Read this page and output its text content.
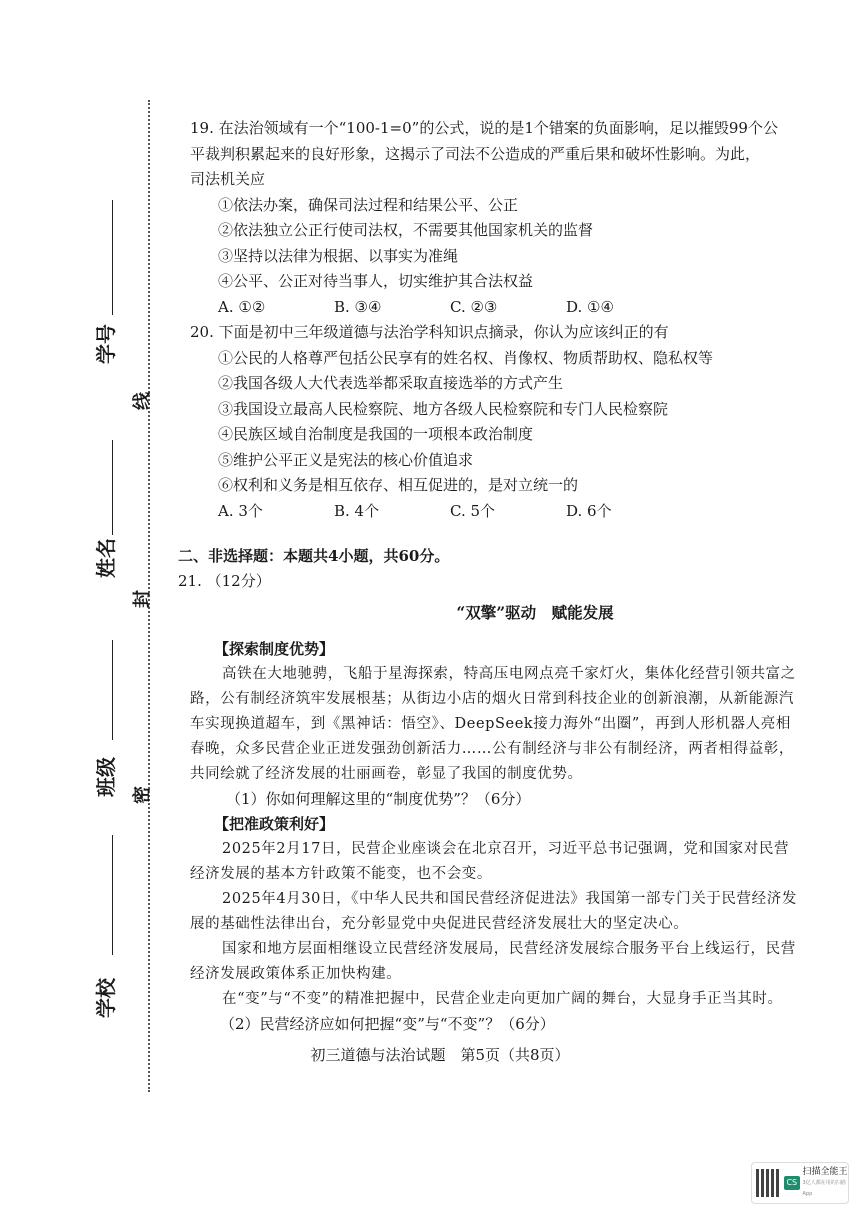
学号
姓名
班级
学校
线
封
密
19. 在法治领域有一个“100-1=0”的公式，说的是1个错案的负面影响，足以摧毁99个公
平裁判积累起来的良好形象，这揭示了司法不公造成的严重后果和破坏性影响。为此，
司法机关应
①依法办案，确保司法过程和结果公平、公正
②依法独立公正行使司法权，不需要其他国家机关的监督
③坚持以法律为根据、以事实为准绳
④公平、公正对待当事人，切实维护其合法权益
A. ①②	B. ③④	C. ②③	D. ①④
20. 下面是初中三年级道德与法治学科知识点摘录，你认为应该纠正的有
①公民的人格尊严包括公民享有的姓名权、肖像权、物质帮助权、隐私权等
②我国各级人大代表选举都采取直接选举的方式产生
③我国设立最高人民检察院、地方各级人民检察院和专门人民检察院
④民族区域自治制度是我国的一项根本政治制度
⑤维护公平正义是宪法的核心价值追求
⑥权利和义务是相互依存、相互促进的，是对立统一的
A. 3个	B. 4个	C. 5个	D. 6个
二、非选择题：本题共4小题，共60分。
21. （12分）
“双擎”驱动　赋能发展
【探索制度优势】
高铁在大地驰骋，飞船于星海探索，特高压电网点亮千家灯火，集体化经营引领共富之路，公有制经济筑牢发展根基；从街边小店的烟火日常到科技企业的创新浪潮，从新能源汽车实现换道超车，到《黑神话：悟空》、DeepSeek接力海外“出圈”，再到人形机器人亮相春晚，众多民营企业正迸发强劲创新活力……公有制经济与非公有制经济，两者相得益彰，共同绘就了经济发展的壮丽画卷，彰显了我国的制度优势。
（1）你如何理解这里的“制度优势”？（6分）
【把准政策利好】
2025年2月17日，民营企业座谈会在北京召开，习近平总书记强调，党和国家对民营经济发展的基本方针政策不能变，也不会变。
2025年4月30日，《中华人民共和国民营经济促进法》我国第一部专门关于民营经济发展的基础性法律出台，充分彰显党中央促进民营经济发展壮大的坚定决心。
国家和地方层面相继设立民营经济发展局，民营经济发展综合服务平台上线运行，民营经济发展政策体系正加快构建。
在“变”与“不变”的精准把握中，民营企业走向更加广阔的舞台，大显身手正当其时。
（2）民营经济应如何把握“变”与“不变”？（6分）
初三道德与法治试题　第5页（共8页）
CS
扫描全能王
3亿人都在用的扫描App
